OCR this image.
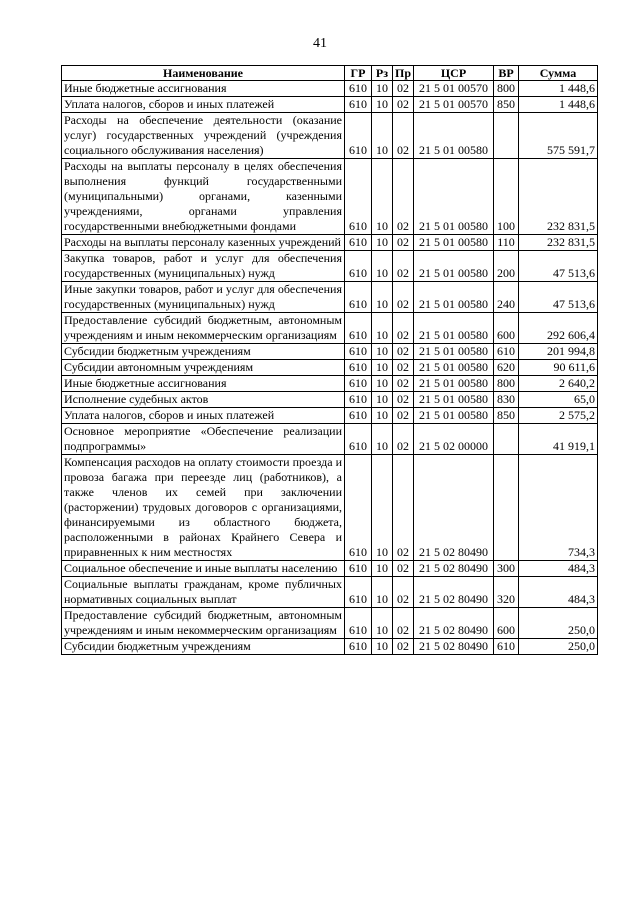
41
Наименование	ГР	Рз	Пр	ЦСР	ВР	Сумма
Иные бюджетные ассигнования	610	10	02	21 5 01 00570	800	1 448,6
Уплата налогов, сборов и иных платежей	610	10	02	21 5 01 00570	850	1 448,6
Расходы на обеспечение деятельности (оказание услуг) государственных учреждений (учреждения социального обслуживания населения)	610	10	02	21 5 01 00580		575 591,7
Расходы на выплаты персоналу в целях обеспечения выполнения функций государственными (муниципальными) органами, казенными учреждениями, органами управления государственными внебюджетными фондами	610	10	02	21 5 01 00580	100	232 831,5
Расходы на выплаты персоналу казенных учреждений	610	10	02	21 5 01 00580	110	232 831,5
Закупка товаров, работ и услуг для обеспечения государственных (муниципальных) нужд	610	10	02	21 5 01 00580	200	47 513,6
Иные закупки товаров, работ и услуг для обеспечения государственных (муниципальных) нужд	610	10	02	21 5 01 00580	240	47 513,6
Предоставление субсидий бюджетным, автономным учреждениям и иным некоммерческим организациям	610	10	02	21 5 01 00580	600	292 606,4
Субсидии бюджетным учреждениям	610	10	02	21 5 01 00580	610	201 994,8
Субсидии автономным учреждениям	610	10	02	21 5 01 00580	620	90 611,6
Иные бюджетные ассигнования	610	10	02	21 5 01 00580	800	2 640,2
Исполнение судебных актов	610	10	02	21 5 01 00580	830	65,0
Уплата налогов, сборов и иных платежей	610	10	02	21 5 01 00580	850	2 575,2
Основное мероприятие «Обеспечение реализации подпрограммы»	610	10	02	21 5 02 00000		41 919,1
Компенсация расходов на оплату стоимости проезда и провоза багажа при переезде лиц (работников), а также членов их семей при заключении (расторжении) трудовых договоров с организациями, финансируемыми из областного бюджета, расположенными в районах Крайнего Севера и приравненных к ним местностях	610	10	02	21 5 02 80490		734,3
Социальное обеспечение и иные выплаты населению	610	10	02	21 5 02 80490	300	484,3
Социальные выплаты гражданам, кроме публичных нормативных социальных выплат	610	10	02	21 5 02 80490	320	484,3
Предоставление субсидий бюджетным, автономным учреждениям и иным некоммерческим организациям	610	10	02	21 5 02 80490	600	250,0
Субсидии бюджетным учреждениям	610	10	02	21 5 02 80490	610	250,0
